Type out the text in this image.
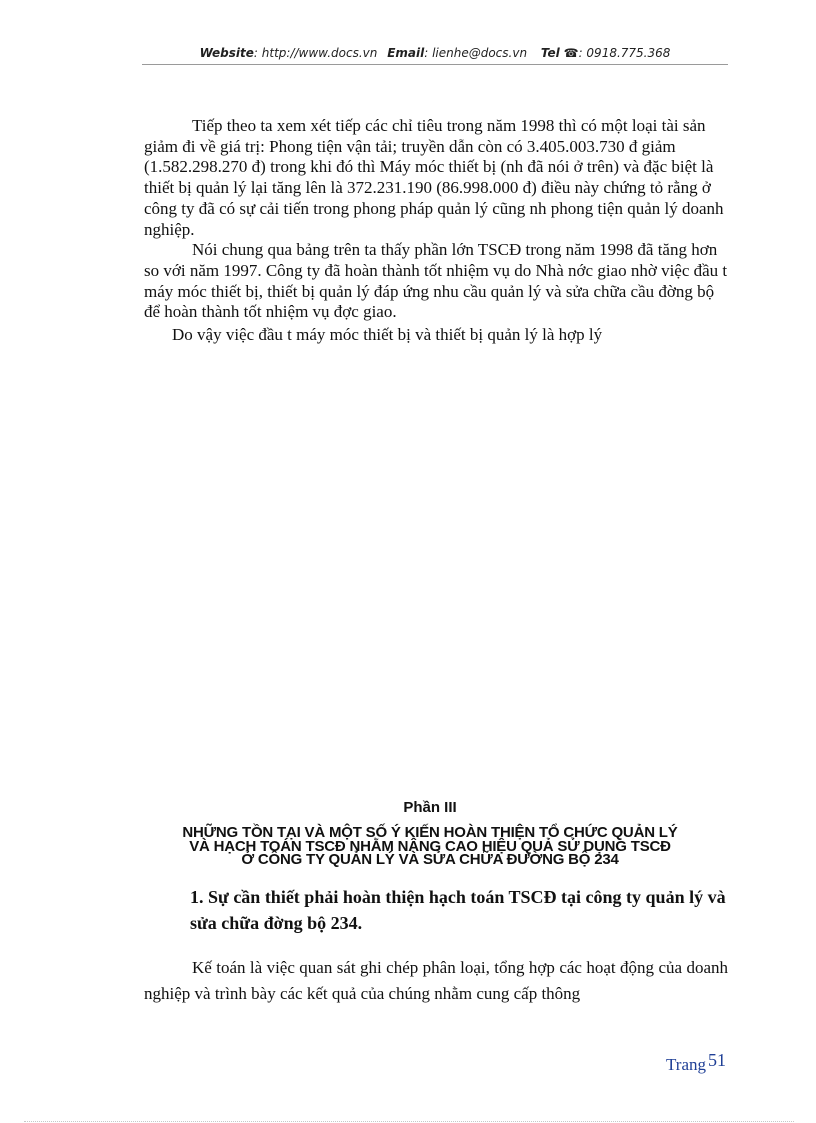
Website: http://www.docs.vn Email: lienhe@docs.vn Tel ☎: 0918.775.368

Tiếp theo ta xem xét tiếp các chỉ tiêu trong năm 1998 thì có một loại tài sản giảm đi về giá trị: Phong tiện vận tải; truyền dẫn còn có 3.405.003.730 đ giảm (1.582.298.270 đ) trong khi đó thì Máy móc thiết bị (nh đã nói ở trên) và đặc biệt là thiết bị quản lý lại tăng lên là 372.231.190 (86.998.000 đ) điều này chứng tỏ rằng ở công ty đã có sự cải tiến trong phong pháp quản lý cũng nh phong tiện quản lý doanh nghiệp.

Nói chung qua bảng trên ta thấy phần lớn TSCĐ trong năm 1998 đã tăng hơn so với năm 1997. Công ty đã hoàn thành tốt nhiệm vụ do Nhà nớc giao nhờ việc đầu t máy móc thiết bị, thiết bị quản lý đáp ứng nhu cầu quản lý và sửa chữa cầu đờng bộ để hoàn thành tốt nhiệm vụ đợc giao.

Do vậy việc đầu t máy móc thiết bị và thiết bị quản lý là hợp lý

Phần III
NHỮNG TỒN TẠI VÀ MỘT SỐ Ý KIẾN HOÀN THIỆN TỔ CHỨC QUẢN LÝ
VÀ HẠCH TOÁN TSCĐ NHẰM NÂNG CAO HIỆU QUẢ SỬ DỤNG TSCĐ
Ở CÔNG TY QUẢN LÝ VÀ SỬA CHỮA ĐƯỜNG BỘ 234
1. Sự cần thiết phải hoàn thiện hạch toán TSCĐ tại công ty quản lý và sửa chữa đờng bộ 234.
Kế toán là việc quan sát ghi chép phân loại, tổng hợp các hoạt động của doanh nghiệp và trình bày các kết quả của chúng nhằm cung cấp thông
Trang 51
